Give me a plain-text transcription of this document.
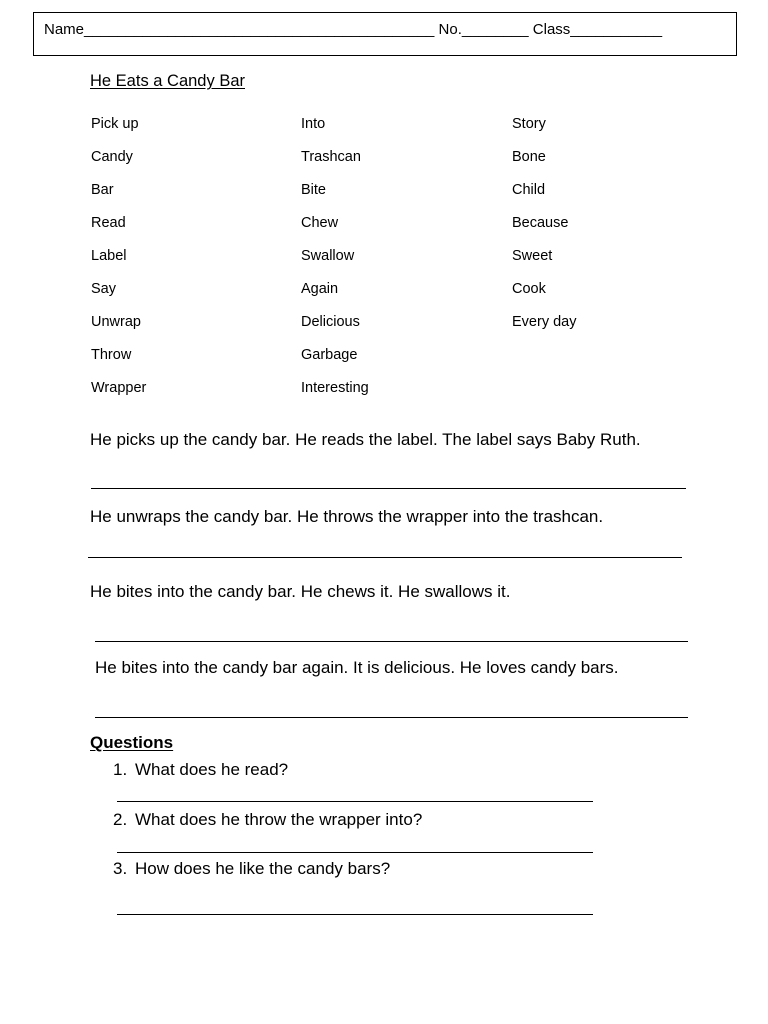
Name__________________________________________ No.________ Class___________
He Eats a Candy Bar
Pick up
Candy
Bar
Read
Label
Say
Unwrap
Throw
Wrapper
Into
Trashcan
Bite
Chew
Swallow
Again
Delicious
Garbage
Interesting
Story
Bone
Child
Because
Sweet
Cook
Every day
He picks up the candy bar. He reads the label. The label says Baby Ruth.
He unwraps the candy bar. He throws the wrapper into the trashcan.
He bites into the candy bar. He chews it. He swallows it.
He bites into the candy bar again. It is delicious. He loves candy bars.
Questions
1. What does he read?
2. What does he throw the wrapper into?
3. How does he like the candy bars?
